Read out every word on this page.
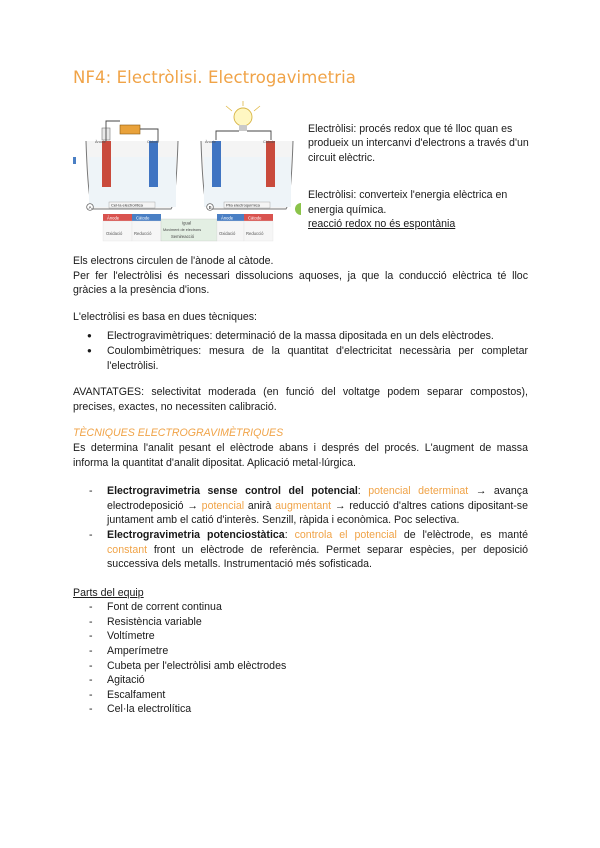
NF4: Electròlisi. Electrogavimetria
A	Cel·la electrolítica
Ànode	Càtode
B	Pila electroquímica
Ànode	Càtode
Ànode	Càtode
Oxidació	Reducció
Igual
Moviment de electrons
Semireacció
Ànode	Càtode
Oxidació	Reducció

Electròlisi: procés redox que té lloc quan es produeix un intercanvi d'electrons a través d'un circuit elèctric.

Electròlisi: converteix l'energia elèctrica en energia química.
reacció redox no és espontània

Els electrons circulen de l'ànode al càtode.

Per fer l'electròlisi és necessari dissolucions aquoses, ja que la conducció elèctrica té lloc gràcies a la presència d'ions.

L'electròlisi es basa en dues tècniques:

● Electrogravimètriques: determinació de la massa dipositada en un dels elèctrodes.
● Coulombimètriques: mesura de la quantitat d'electricitat necessària per completar l'electròlisi.

AVANTATGES: selectivitat moderada (en funció del voltatge podem separar compostos), precises, exactes, no necessiten calibració.

TÈCNIQUES ELECTROGRAVIMÈTRIQUES

Es determina l'analit pesant el elèctrode abans i després del procés. L'augment de massa informa la quantitat d'analit dipositat. Aplicació metal·lúrgica.

- Electrogravimetria sense control del potencial: potencial determinat → avança electrodeposició → potencial anirà augmentant → reducció d'altres cations dipositant-se juntament amb el catió d'interès. Senzill, ràpida i econòmica. Poc selectiva.
- Electrogravimetria potenciostàtica: controla el potencial de l'elèctrode, es manté constant front un elèctrode de referència. Permet separar espècies, per deposició successiva dels metalls. Instrumentació més sofisticada.

Parts del equip

- Font de corrent continua
- Resistència variable
- Voltímetre
- Amperímetre
- Cubeta per l'electròlisi amb elèctrodes
- Agitació
- Escalfament
- Cel·la electrolítica
